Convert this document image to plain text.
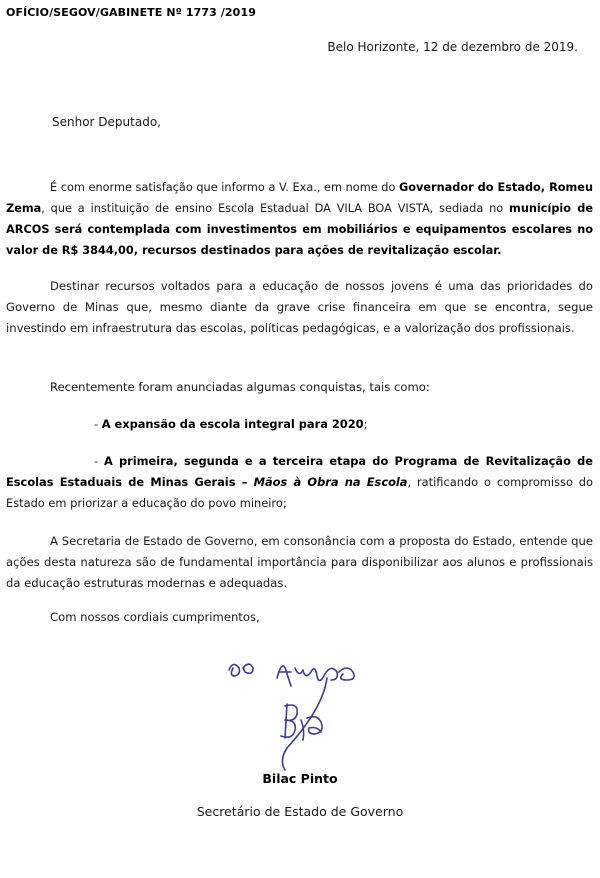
OFÍCIO/SEGOV/GABINETE Nº 1773 /2019
Belo Horizonte, 12 de dezembro de 2019.
Senhor Deputado,

É com enorme satisfação que informo a V. Exa., em nome do Governador do Estado, Romeu Zema, que a instituição de ensino Escola Estadual DA VILA BOA VISTA, sediada no município de ARCOS será contemplada com investimentos em mobiliários e equipamentos escolares no valor de R$ 3844,00, recursos destinados para ações de revitalização escolar.

Destinar recursos voltados para a educação de nossos jovens é uma das prioridades do Governo de Minas que, mesmo diante da grave crise financeira em que se encontra, segue investindo em infraestrutura das escolas, políticas pedagógicas, e a valorização dos profissionais.

Recentemente foram anunciadas algumas conquistas, tais como:

- A expansão da escola integral para 2020;

- A primeira, segunda e a terceira etapa do Programa de Revitalização de Escolas Estaduais de Minas Gerais – Mãos à Obra na Escola, ratificando o compromisso do Estado em priorizar a educação do povo mineiro;

A Secretaria de Estado de Governo, em consonância com a proposta do Estado, entende que ações desta natureza são de fundamental importância para disponibilizar aos alunos e profissionais da educação estruturas modernas e adequadas.

Com nossos cordiais cumprimentos,

Bilac Pinto
Secretário de Estado de Governo
